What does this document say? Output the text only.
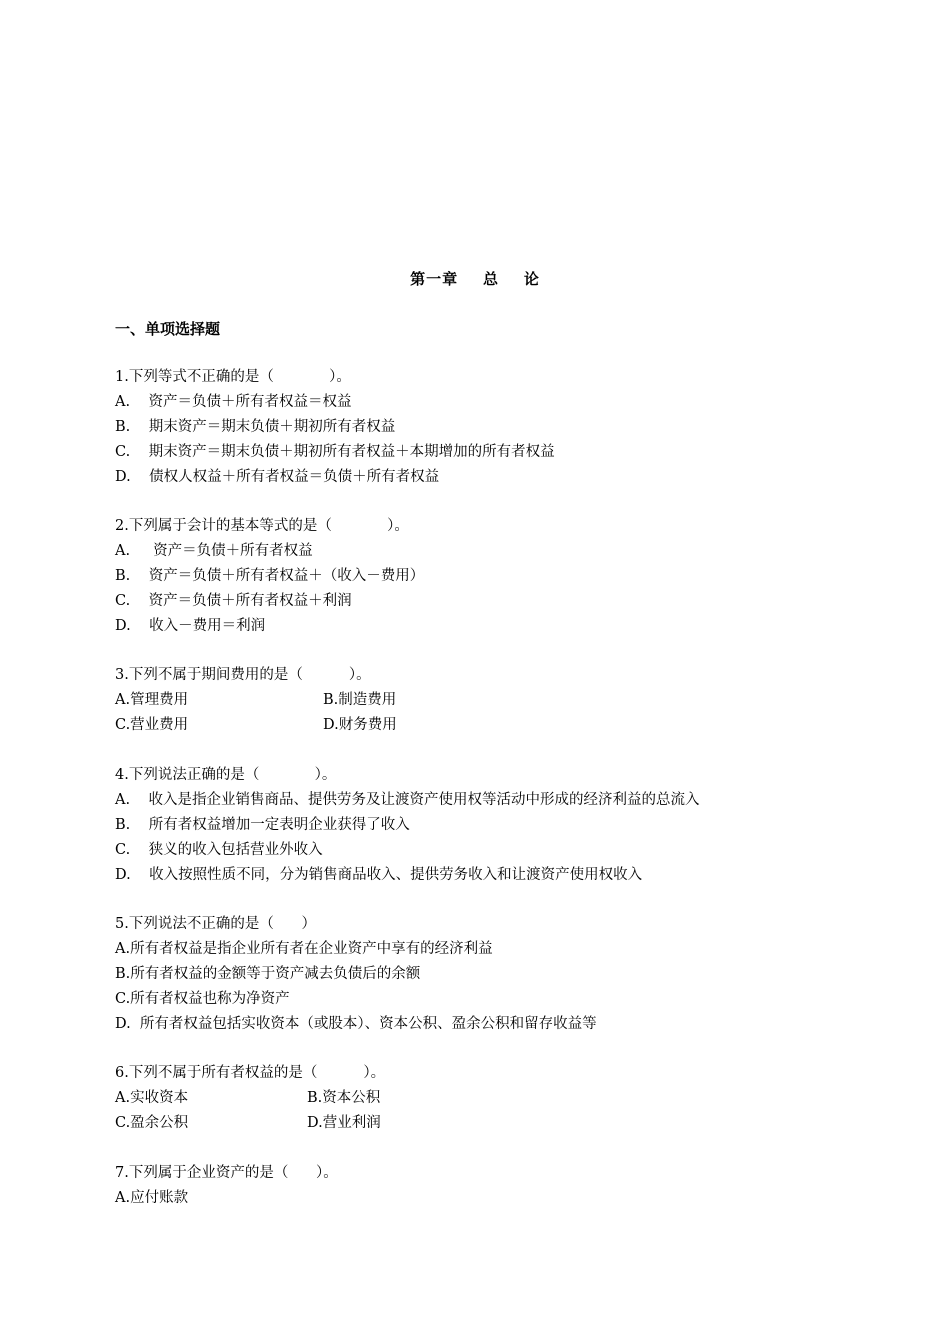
第一章    总    论
一、单项选择题
1.下列等式不正确的是（            ）。
A.    资产＝负债＋所有者权益＝权益
B.    期末资产＝期末负债＋期初所有者权益
C.    期末资产＝期末负债＋期初所有者权益＋本期增加的所有者权益
D.    债权人权益＋所有者权益＝负债＋所有者权益
2.下列属于会计的基本等式的是（            ）。
A.     资产＝负债＋所有者权益
B.    资产＝负债＋所有者权益＋（收入－费用）
C.    资产＝负债＋所有者权益＋利润
D.    收入－费用＝利润
3.下列不属于期间费用的是（          ）。
A.管理费用	B.制造费用
C.营业费用	D.财务费用
4.下列说法正确的是（            ）。
A.    收入是指企业销售商品、提供劳务及让渡资产使用权等活动中形成的经济利益的总流入
B.    所有者权益增加一定表明企业获得了收入
C.    狭义的收入包括营业外收入
D.    收入按照性质不同，分为销售商品收入、提供劳务收入和让渡资产使用权收入
5.下列说法不正确的是（      ）
A.所有者权益是指企业所有者在企业资产中享有的经济利益
B.所有者权益的金额等于资产减去负债后的余额
C.所有者权益也称为净资产
D.  所有者权益包括实收资本（或股本）、资本公积、盈余公积和留存收益等
6.下列不属于所有者权益的是（          ）。
A.实收资本	B.资本公积
C.盈余公积	D.营业利润
7.下列属于企业资产的是（      ）。
A.应付账款
